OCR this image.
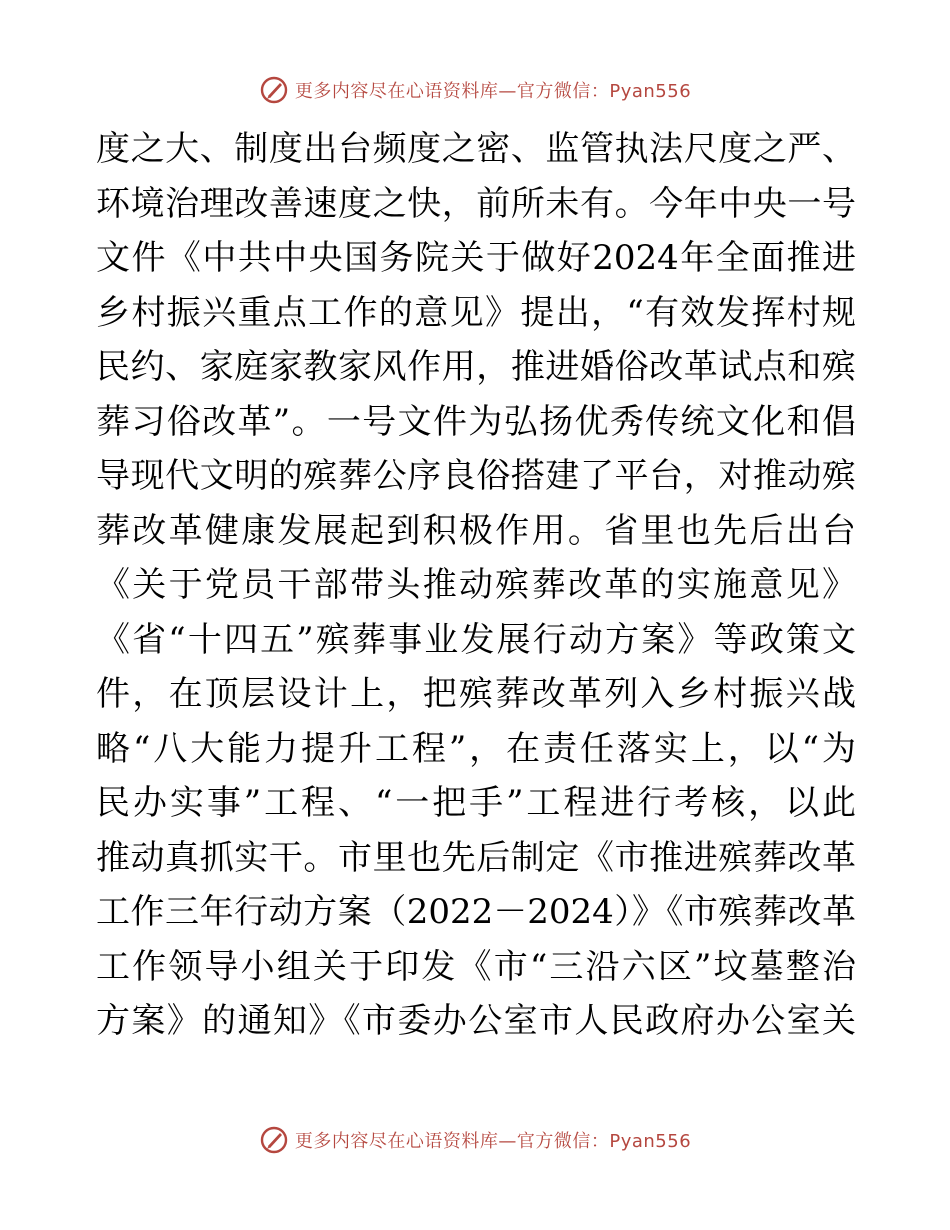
更多内容尽在心语资料库—官方微信：Pyan556
度之大、制度出台频度之密、监管执法尺度之严、
环境治理改善速度之快，前所未有。今年中央一号
文件《中共中央国务院关于做好2024年全面推进
乡村振兴重点工作的意见》提出，“有效发挥村规
民约、家庭家教家风作用，推进婚俗改革试点和殡
葬习俗改革”。一号文件为弘扬优秀传统文化和倡
导现代文明的殡葬公序良俗搭建了平台，对推动殡
葬改革健康发展起到积极作用。省里也先后出台
《关于党员干部带头推动殡葬改革的实施意见》
《省“十四五”殡葬事业发展行动方案》等政策文
件，在顶层设计上，把殡葬改革列入乡村振兴战
略“八大能力提升工程”，在责任落实上，以“为
民办实事”工程、“一把手”工程进行考核，以此
推动真抓实干。市里也先后制定《市推进殡葬改革
工作三年行动方案（2022－2024）》《市殡葬改革
工作领导小组关于印发《市“三沿六区”坟墓整治
方案》的通知》《市委办公室市人民政府办公室关
更多内容尽在心语资料库—官方微信：Pyan556
